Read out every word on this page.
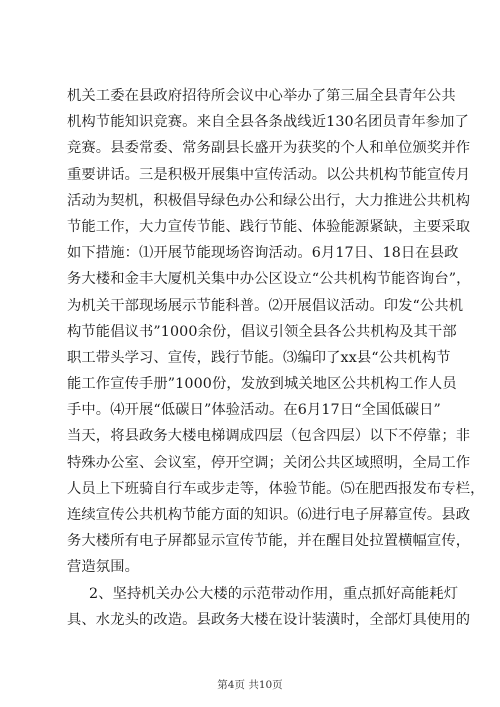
机关工委在县政府招待所会议中心举办了第三届全县青年公共
机构节能知识竞赛。来自全县各条战线近130名团员青年参加了
竞赛。县委常委、常务副县长盛开为获奖的个人和单位颁奖并作
重要讲话。三是积极开展集中宣传活动。以公共机构节能宣传月
活动为契机，积极倡导绿色办公和绿公出行，大力推进公共机构
节能工作，大力宣传节能、践行节能、体验能源紧缺，主要采取
如下措施：⑴开展节能现场咨询活动。6月17日、18日在县政
务大楼和金丰大厦机关集中办公区设立“公共机构节能咨询台”，
为机关干部现场展示节能科普。⑵开展倡议活动。印发“公共机
构节能倡议书”1000余份，倡议引领全县各公共机构及其干部
职工带头学习、宣传，践行节能。⑶编印了xx县“公共机构节
能工作宣传手册”1000份，发放到城关地区公共机构工作人员
手中。⑷开展“低碳日”体验活动。在6月17日“全国低碳日”
当天，将县政务大楼电梯调成四层（包含四层）以下不停靠；非
特殊办公室、会议室，停开空调；关闭公共区域照明，全局工作
人员上下班骑自行车或步走等，体验节能。⑸在肥西报发布专栏，
连续宣传公共机构节能方面的知识。⑹进行电子屏幕宣传。县政
务大楼所有电子屏都显示宣传节能，并在醒目处拉置横幅宣传，
营造氛围。
2、坚持机关办公大楼的示范带动作用，重点抓好高能耗灯
具、水龙头的改造。县政务大楼在设计装潢时，全部灯具使用的
第4页 共10页
